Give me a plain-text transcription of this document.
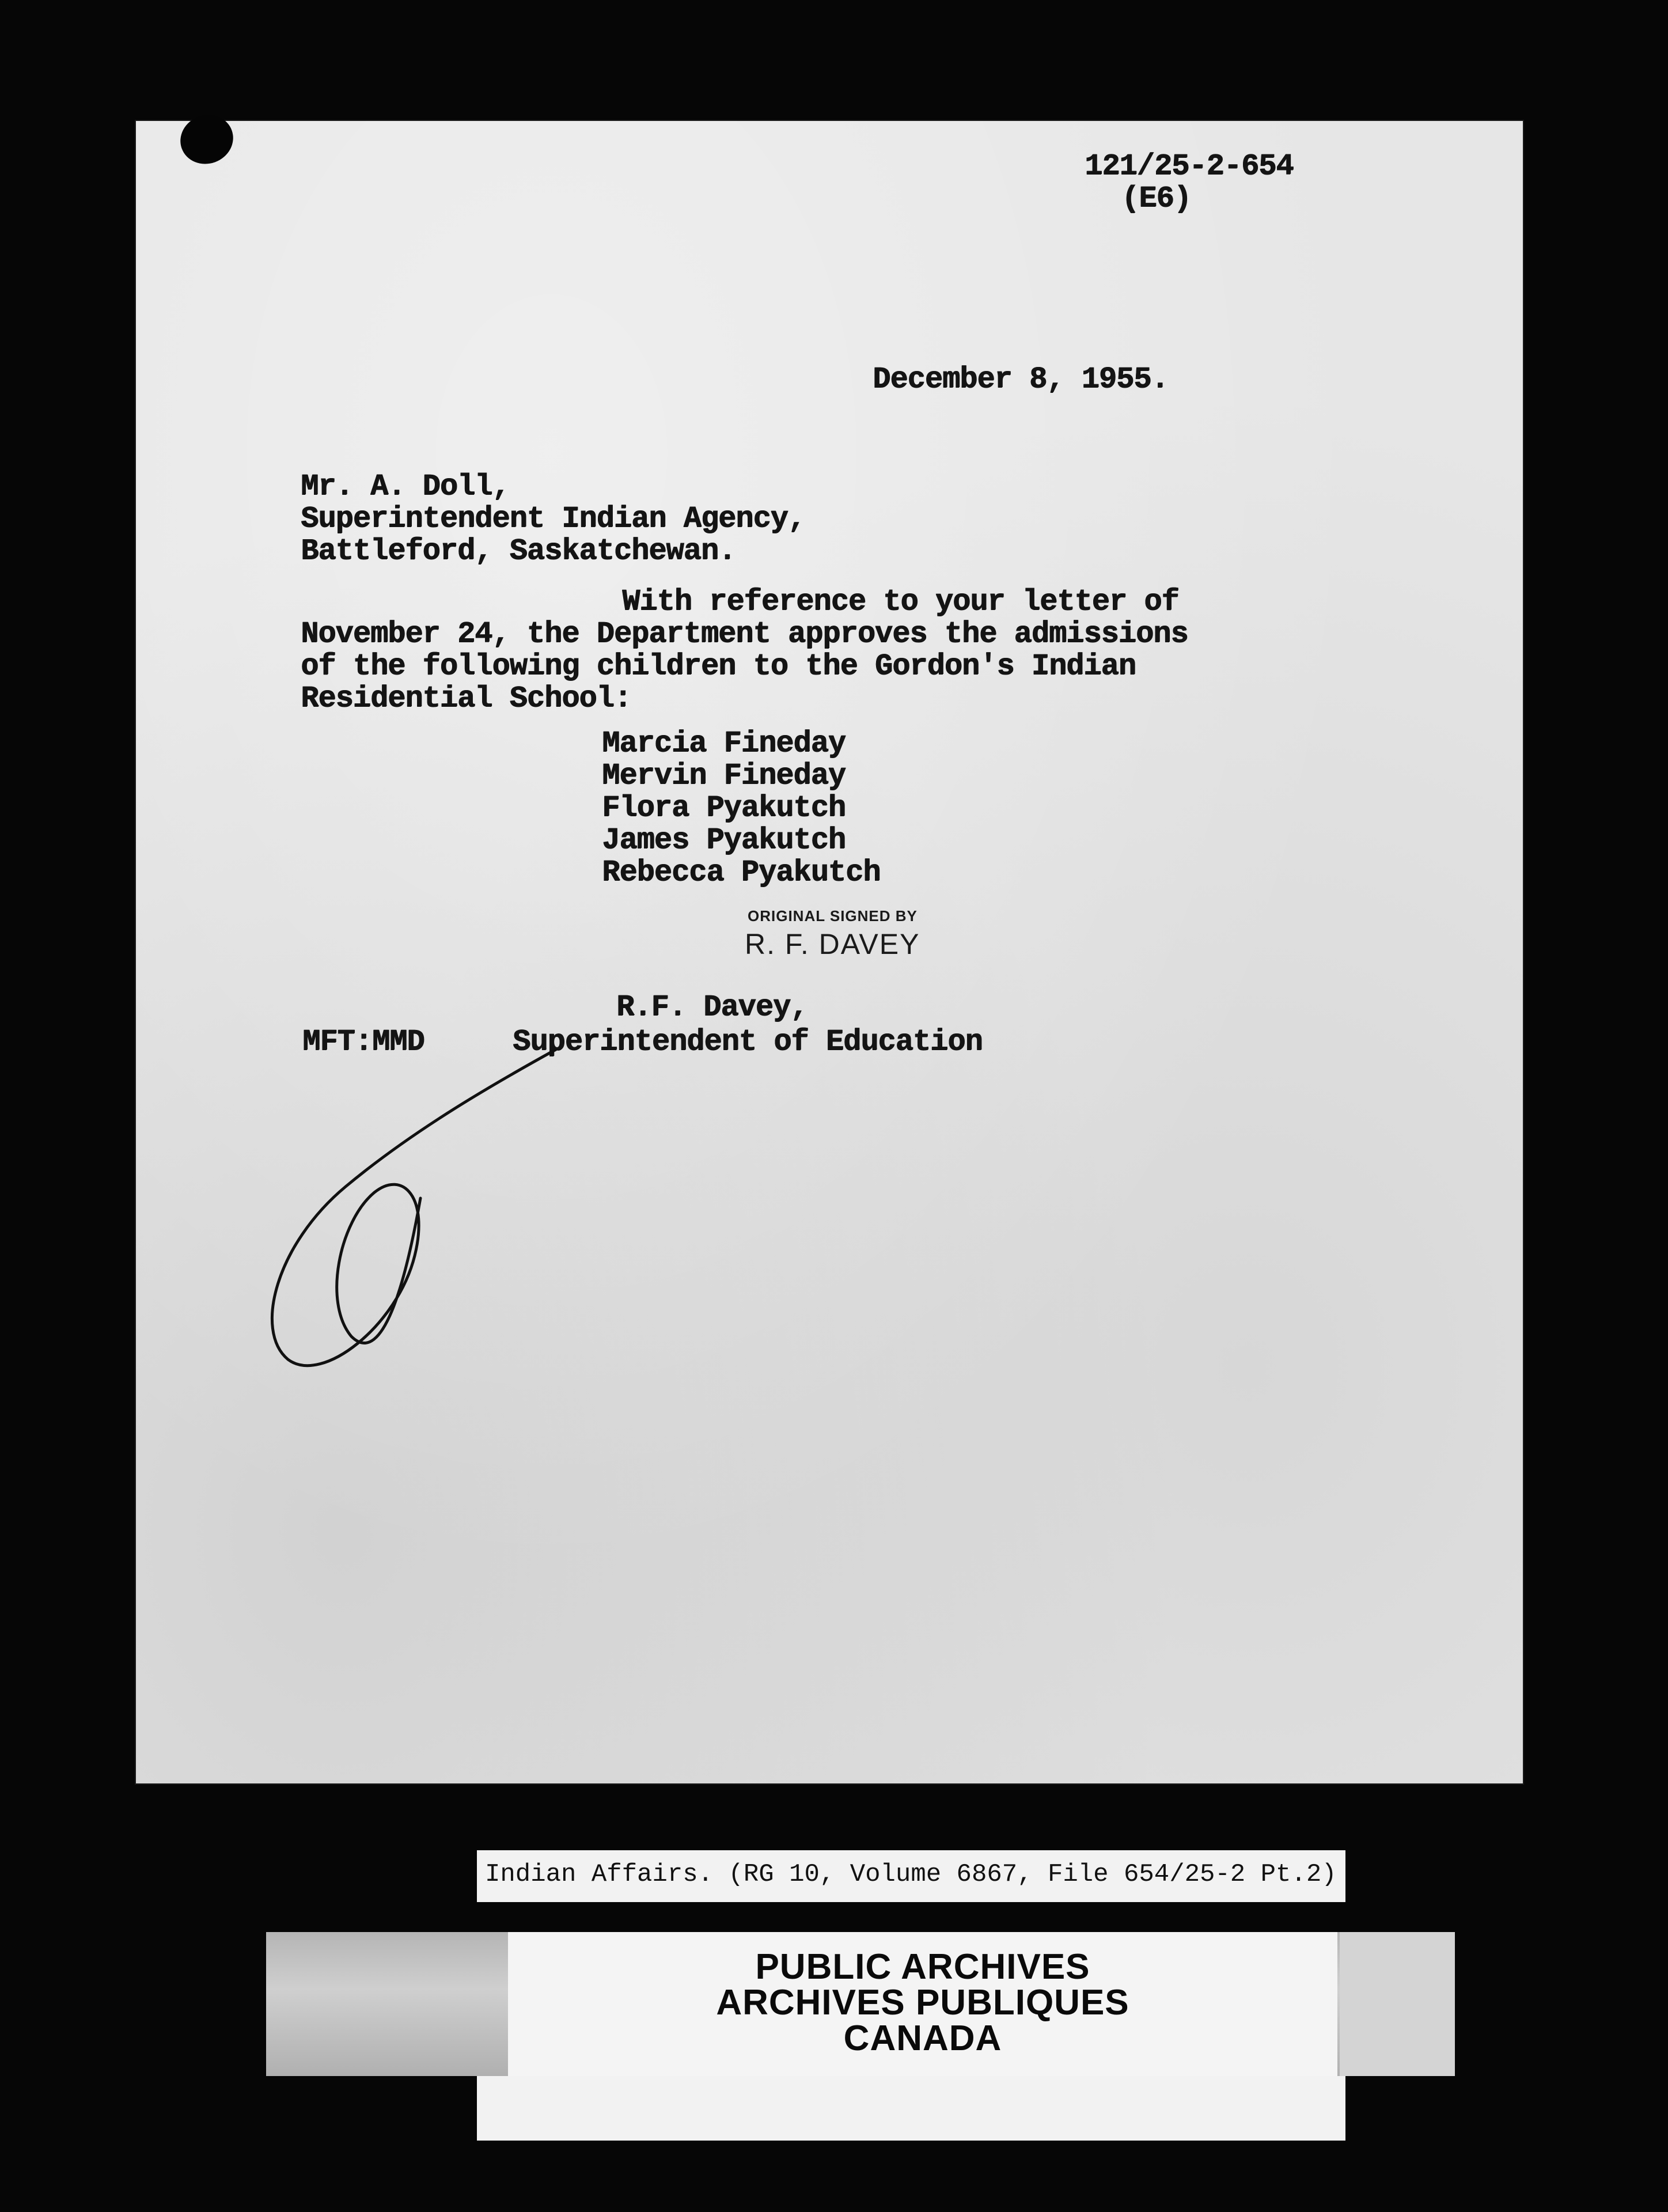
121/25-2-654
(E6)
December 8, 1955.
Mr. A. Doll,
Superintendent Indian Agency,
Battleford, Saskatchewan.
With reference to your letter of
November 24, the Department approves the admissions
of the following children to the Gordon's Indian
Residential School:
Marcia Fineday
Mervin Fineday
Flora Pyakutch
James Pyakutch
Rebecca Pyakutch
ORIGINAL SIGNED BY
R. F. DAVEY
R.F. Davey,
MFT:MMD	Superintendent of Education
Indian Affairs. (RG 10, Volume 6867, File 654/25-2 Pt.2)
PUBLIC ARCHIVES
ARCHIVES PUBLIQUES
CANADA
